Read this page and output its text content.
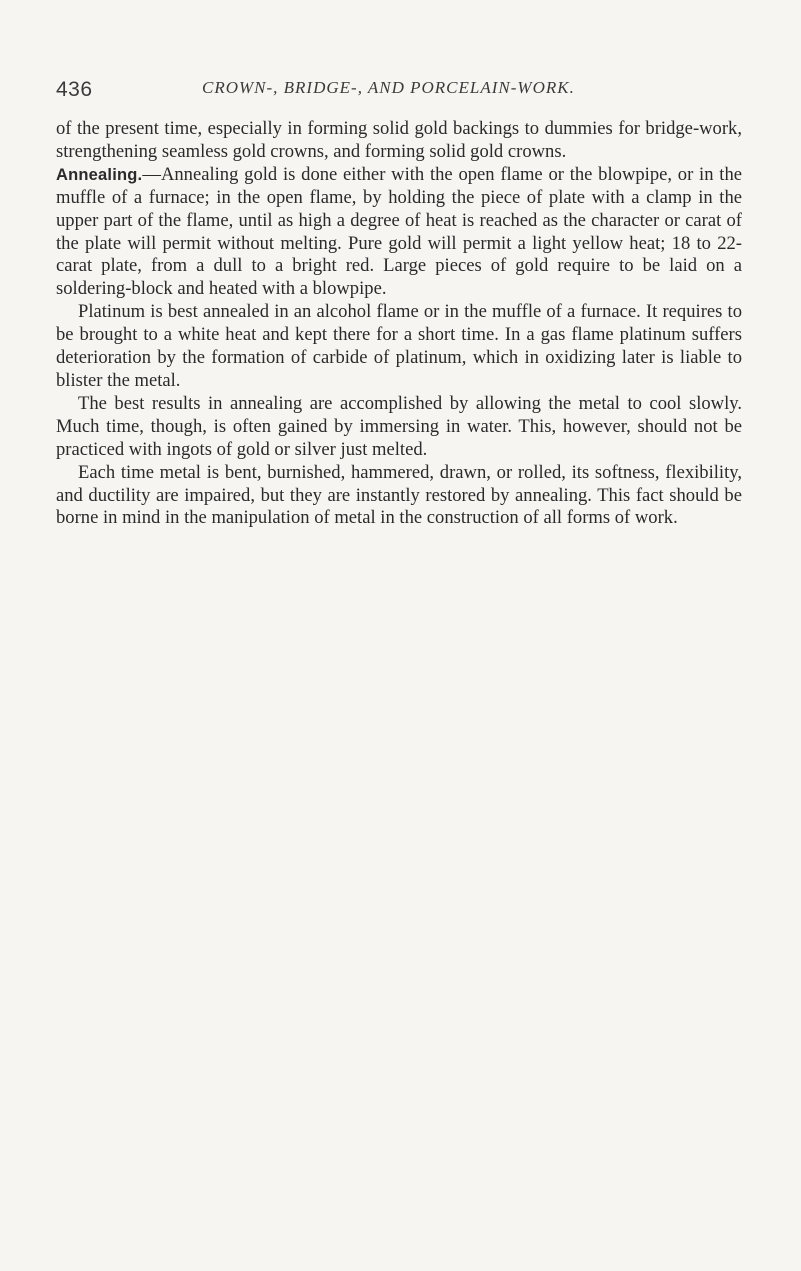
436	CROWN-, BRIDGE-, AND PORCELAIN-WORK.

of the present time, especially in forming solid gold backings to dummies for bridge-work, strengthening seamless gold crowns, and forming solid gold crowns.

Annealing.—Annealing gold is done either with the open flame or the blowpipe, or in the muffle of a furnace; in the open flame, by holding the piece of plate with a clamp in the upper part of the flame, until as high a degree of heat is reached as the character or carat of the plate will permit without melting. Pure gold will permit a light yellow heat; 18 to 22-carat plate, from a dull to a bright red. Large pieces of gold require to be laid on a soldering-block and heated with a blowpipe.

Platinum is best annealed in an alcohol flame or in the muffle of a furnace. It requires to be brought to a white heat and kept there for a short time. In a gas flame platinum suffers deterioration by the formation of carbide of platinum, which in oxidizing later is liable to blister the metal.

The best results in annealing are accomplished by allowing the metal to cool slowly. Much time, though, is often gained by immersing in water. This, however, should not be practiced with ingots of gold or silver just melted.

Each time metal is bent, burnished, hammered, drawn, or rolled, its softness, flexibility, and ductility are impaired, but they are instantly restored by annealing. This fact should be borne in mind in the manipulation of metal in the construction of all forms of work.
